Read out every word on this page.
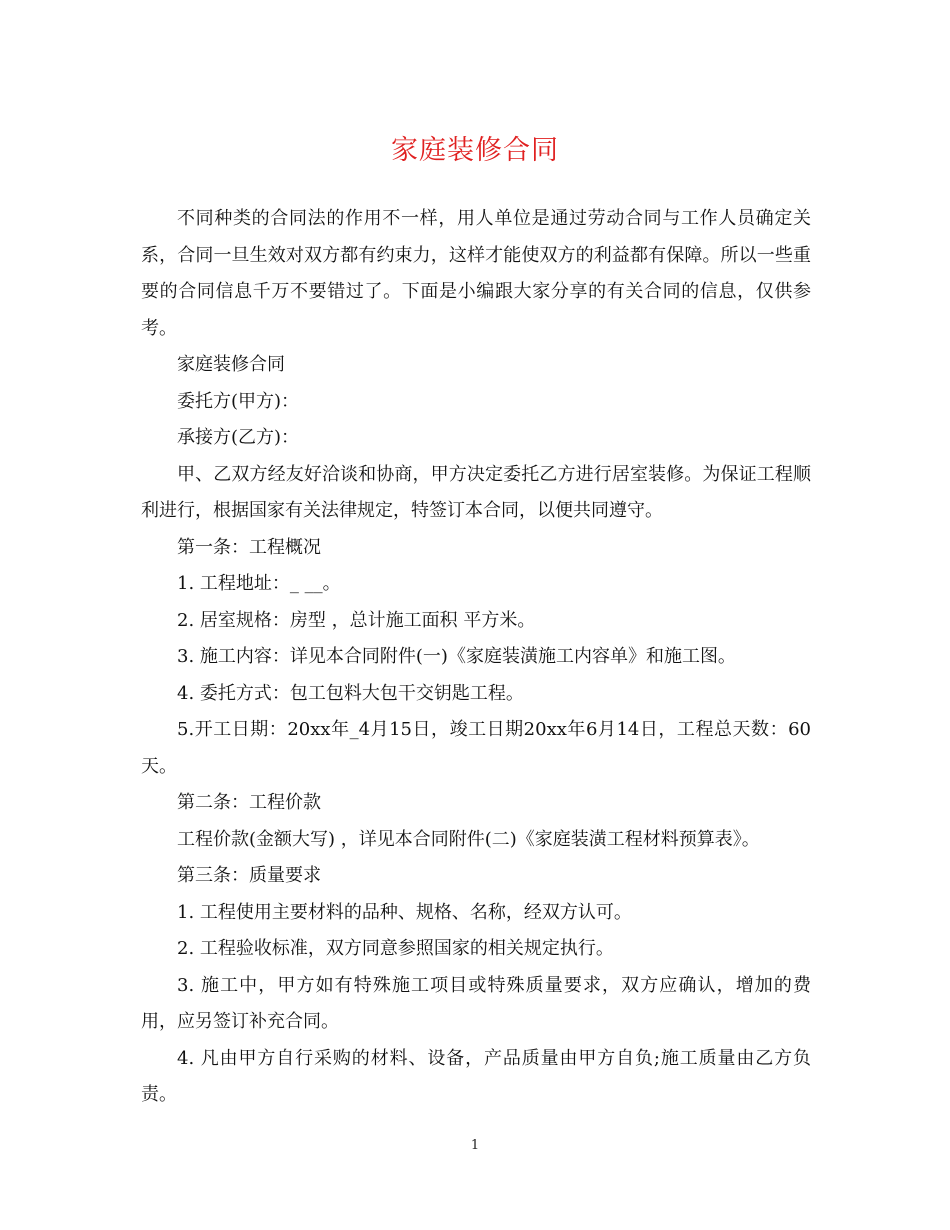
家庭装修合同

不同种类的合同法的作用不一样，用人单位是通过劳动合同与工作人员确定关系，合同一旦生效对双方都有约束力，这样才能使双方的利益都有保障。所以一些重要的合同信息千万不要错过了。下面是小编跟大家分享的有关合同的信息，仅供参考。

家庭装修合同

委托方(甲方)：

承接方(乙方)：

甲、乙双方经友好洽谈和协商，甲方决定委托乙方进行居室装修。为保证工程顺利进行，根据国家有关法律规定，特签订本合同，以便共同遵守。

第一条：工程概况

1. 工程地址：_ __。

2. 居室规格：房型 ，总计施工面积 平方米。

3. 施工内容：详见本合同附件(一)《家庭装潢施工内容单》和施工图。

4. 委托方式：包工包料大包干交钥匙工程。

5.开工日期：20xx年_4月15日，竣工日期20xx年6月14日，工程总天数：60天。

第二条：工程价款

工程价款(金额大写) ，详见本合同附件(二)《家庭装潢工程材料预算表》。

第三条：质量要求

1. 工程使用主要材料的品种、规格、名称，经双方认可。

2. 工程验收标准，双方同意参照国家的相关规定执行。

3. 施工中，甲方如有特殊施工项目或特殊质量要求，双方应确认，增加的费用，应另签订补充合同。

4. 凡由甲方自行采购的材料、设备，产品质量由甲方自负;施工质量由乙方负责。

1
